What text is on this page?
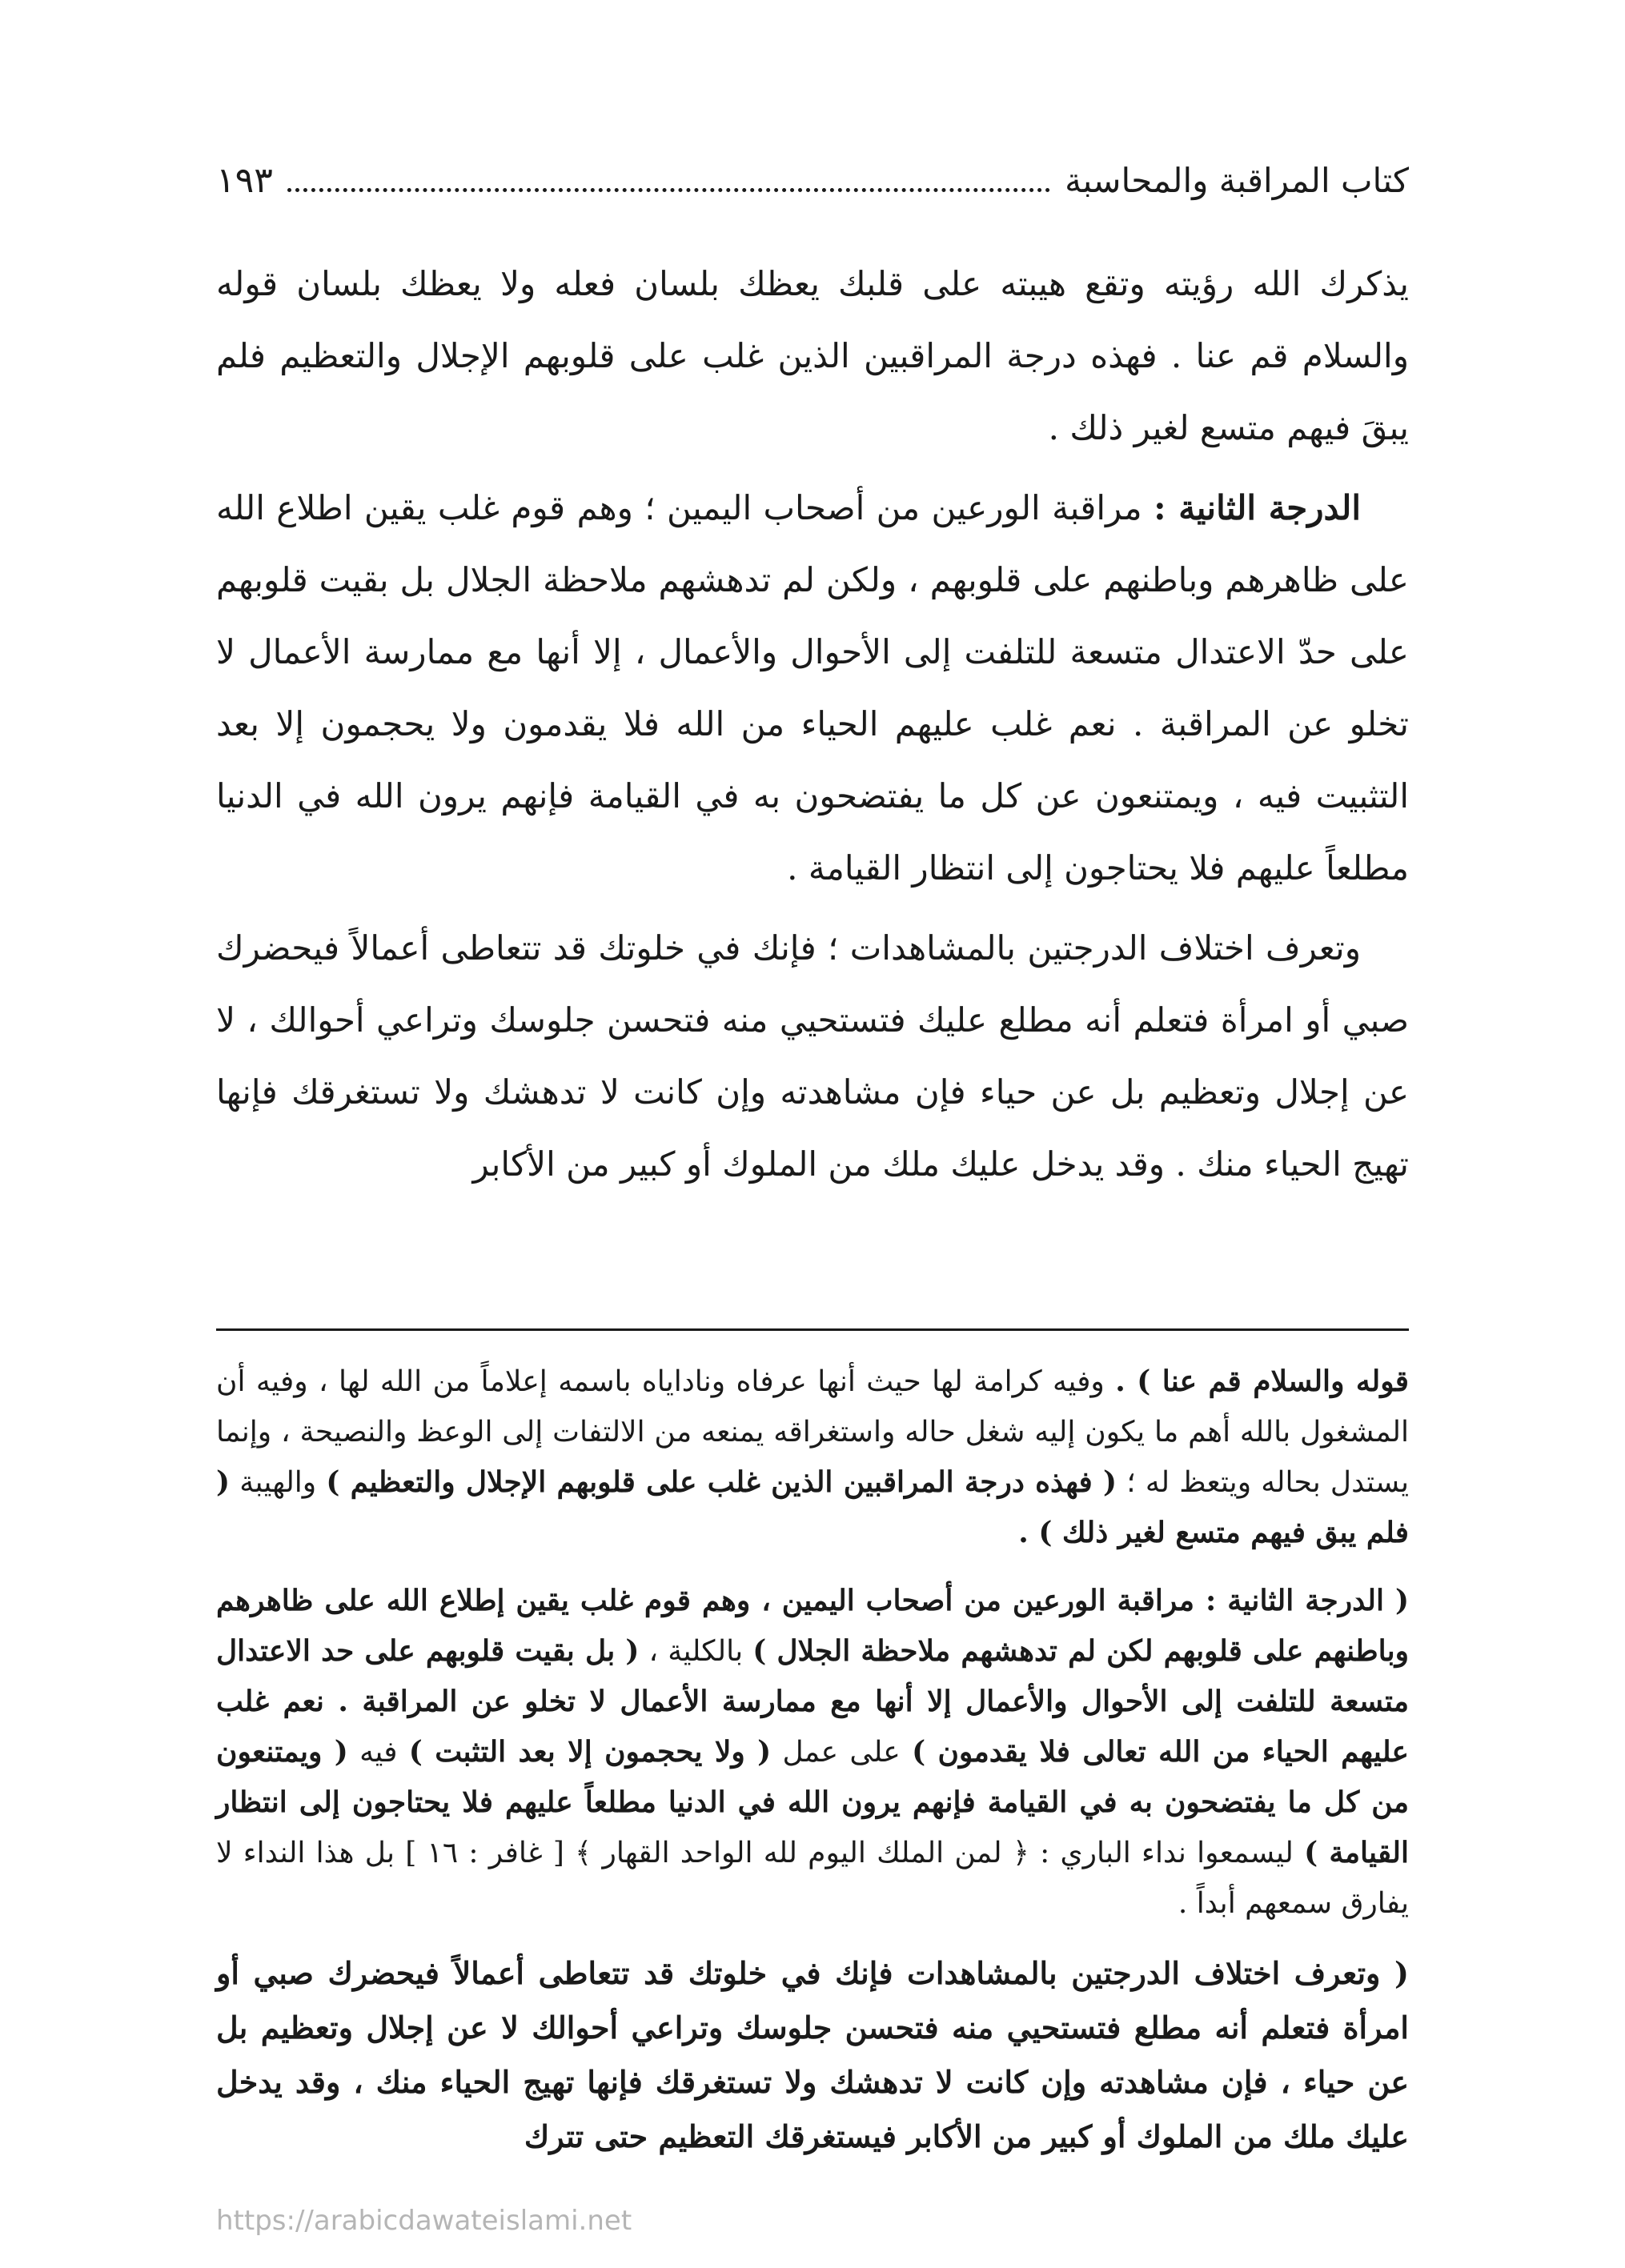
كتاب المراقبة والمحاسبة
١٩٣

يذكرك الله رؤيته وتقع هيبته على قلبك يعظك بلسان فعله ولا يعظك بلسان قوله والسلام قم عنا . فهذه درجة المراقبين الذين غلب على قلوبهم الإجلال والتعظيم فلم يبقَ فيهم متسع لغير ذلك .

الدرجة الثانية : مراقبة الورعين من أصحاب اليمين ؛ وهم قوم غلب يقين اطلاع الله على ظاهرهم وباطنهم على قلوبهم ، ولكن لم تدهشهم ملاحظة الجلال بل بقيت قلوبهم على حدّ الاعتدال متسعة للتلفت إلى الأحوال والأعمال ، إلا أنها مع ممارسة الأعمال لا تخلو عن المراقبة . نعم غلب عليهم الحياء من الله فلا يقدمون ولا يحجمون إلا بعد التثبيت فيه ، ويمتنعون عن كل ما يفتضحون به في القيامة فإنهم يرون الله في الدنيا مطلعاً عليهم فلا يحتاجون إلى انتظار القيامة .

وتعرف اختلاف الدرجتين بالمشاهدات ؛ فإنك في خلوتك قد تتعاطى أعمالاً فيحضرك صبي أو امرأة فتعلم أنه مطلع عليك فتستحيي منه فتحسن جلوسك وتراعي أحوالك ، لا عن إجلال وتعظيم بل عن حياء فإن مشاهدته وإن كانت لا تدهشك ولا تستغرقك فإنها تهيج الحياء منك . وقد يدخل عليك ملك من الملوك أو كبير من الأكابر

قوله والسلام قم عنا ) . وفيه كرامة لها حيث أنها عرفاه وناداياه باسمه إعلاماً من الله لها ، وفيه أن المشغول بالله أهم ما يكون إليه شغل حاله واستغراقه يمنعه من الالتفات إلى الوعظ والنصيحة ، وإنما يستدل بحاله ويتعظ له ؛ ( فهذه درجة المراقبين الذين غلب على قلوبهم الإجلال والتعظيم ) والهيبة ( فلم يبق فيهم متسع لغير ذلك ) .

( الدرجة الثانية : مراقبة الورعين من أصحاب اليمين ، وهم قوم غلب يقين إطلاع الله على ظاهرهم وباطنهم على قلوبهم لكن لم تدهشهم ملاحظة الجلال ) بالكلية ، ( بل بقيت قلوبهم على حد الاعتدال متسعة للتلفت إلى الأحوال والأعمال إلا أنها مع ممارسة الأعمال لا تخلو عن المراقبة . نعم غلب عليهم الحياء من الله تعالى فلا يقدمون ) على عمل ( ولا يحجمون إلا بعد التثبت ) فيه ( ويمتنعون من كل ما يفتضحون به في القيامة فإنهم يرون الله في الدنيا مطلعاً عليهم فلا يحتاجون إلى انتظار القيامة ) ليسمعوا نداء الباري : ﴿ لمن الملك اليوم لله الواحد القهار ﴾ [ غافر : ١٦ ] بل هذا النداء لا يفارق سمعهم أبداً .

( وتعرف اختلاف الدرجتين بالمشاهدات فإنك في خلوتك قد تتعاطى أعمالاً فيحضرك صبي أو امرأة فتعلم أنه مطلع فتستحيي منه فتحسن جلوسك وتراعي أحوالك لا عن إجلال وتعظيم بل عن حياء ، فإن مشاهدته وإن كانت لا تدهشك ولا تستغرقك فإنها تهيج الحياء منك ، وقد يدخل عليك ملك من الملوك أو كبير من الأكابر فيستغرقك التعظيم حتى تترك

https://arabicdawateislami.net
